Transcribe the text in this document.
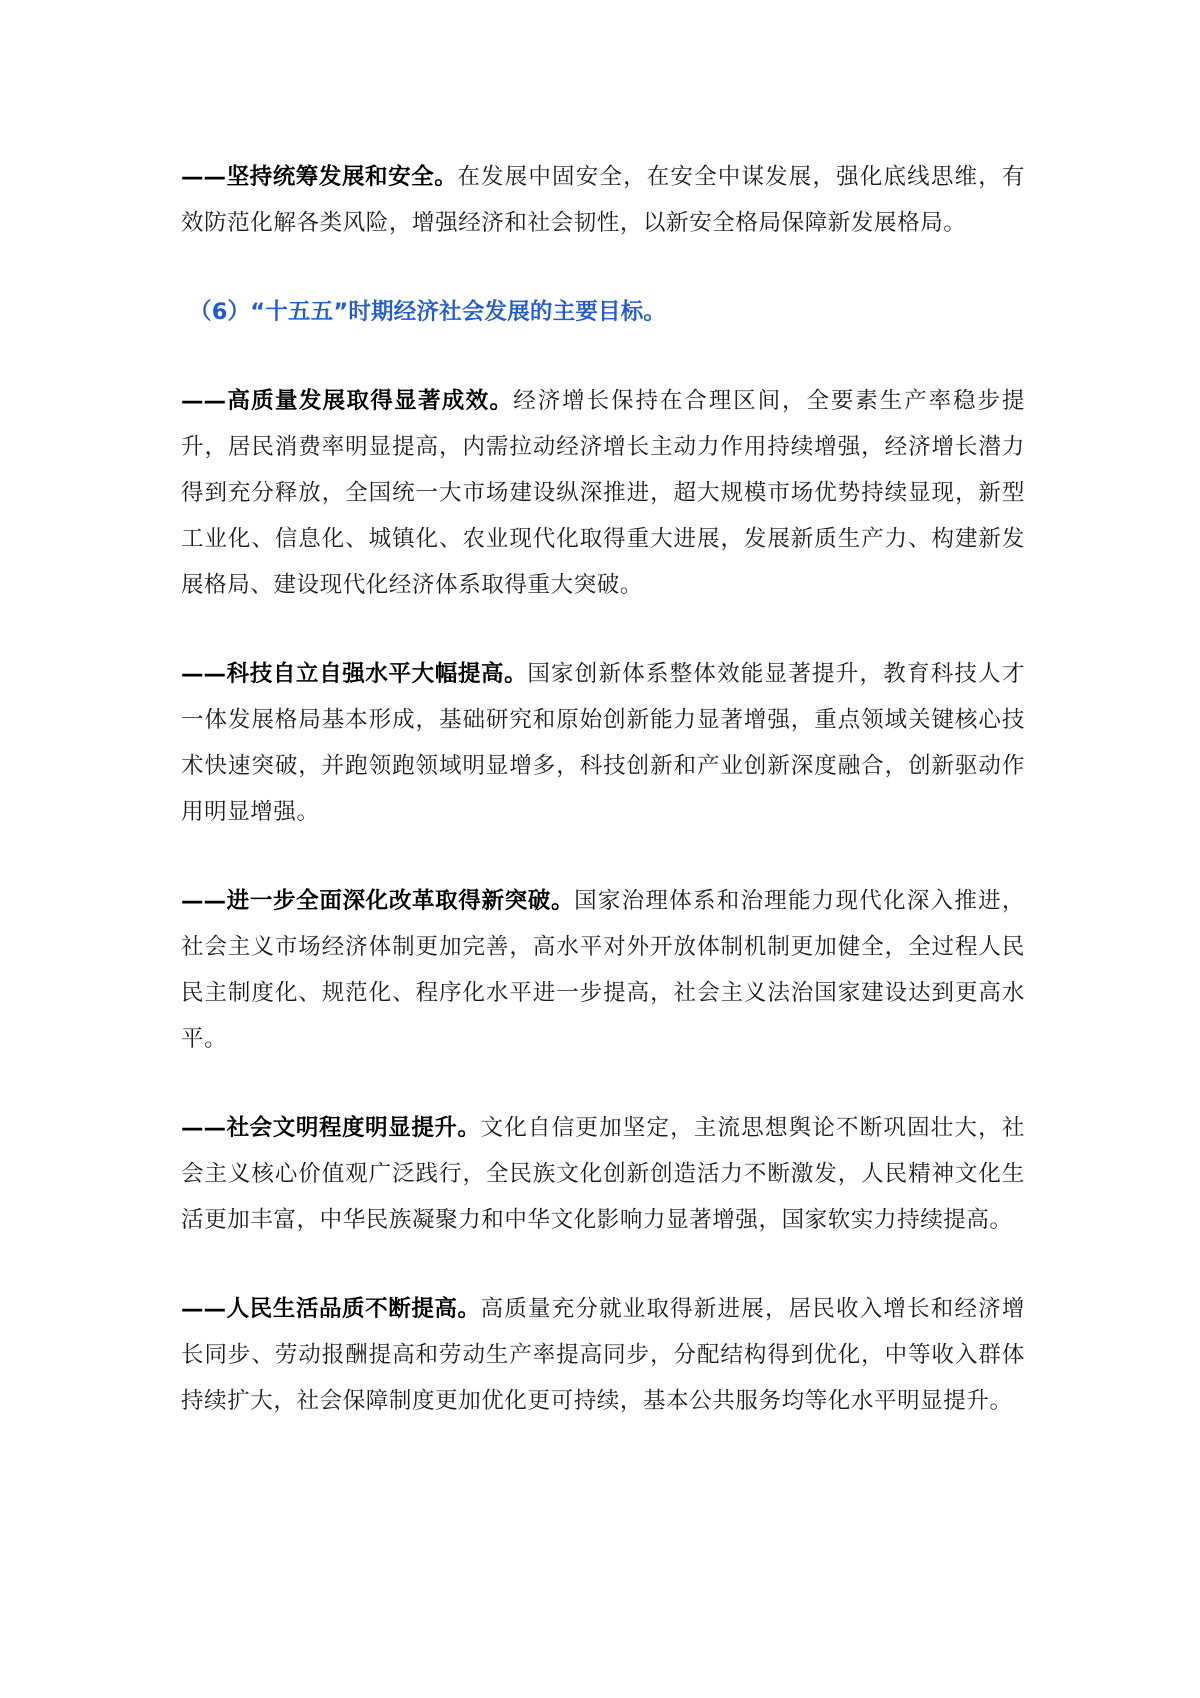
——坚持统筹发展和安全。在发展中固安全，在安全中谋发展，强化底线思维，有效防范化解各类风险，增强经济和社会韧性，以新安全格局保障新发展格局。

（6）“十五五”时期经济社会发展的主要目标。

——高质量发展取得显著成效。经济增长保持在合理区间，全要素生产率稳步提升，居民消费率明显提高，内需拉动经济增长主动力作用持续增强，经济增长潜力得到充分释放，全国统一大市场建设纵深推进，超大规模市场优势持续显现，新型工业化、信息化、城镇化、农业现代化取得重大进展，发展新质生产力、构建新发展格局、建设现代化经济体系取得重大突破。

——科技自立自强水平大幅提高。国家创新体系整体效能显著提升，教育科技人才一体发展格局基本形成，基础研究和原始创新能力显著增强，重点领域关键核心技术快速突破，并跑领跑领域明显增多，科技创新和产业创新深度融合，创新驱动作用明显增强。

——进一步全面深化改革取得新突破。国家治理体系和治理能力现代化深入推进，社会主义市场经济体制更加完善，高水平对外开放体制机制更加健全，全过程人民民主制度化、规范化、程序化水平进一步提高，社会主义法治国家建设达到更高水平。

——社会文明程度明显提升。文化自信更加坚定，主流思想舆论不断巩固壮大，社会主义核心价值观广泛践行，全民族文化创新创造活力不断激发，人民精神文化生活更加丰富，中华民族凝聚力和中华文化影响力显著增强，国家软实力持续提高。

——人民生活品质不断提高。高质量充分就业取得新进展，居民收入增长和经济增长同步、劳动报酬提高和劳动生产率提高同步，分配结构得到优化，中等收入群体持续扩大，社会保障制度更加优化更可持续，基本公共服务均等化水平明显提升。
